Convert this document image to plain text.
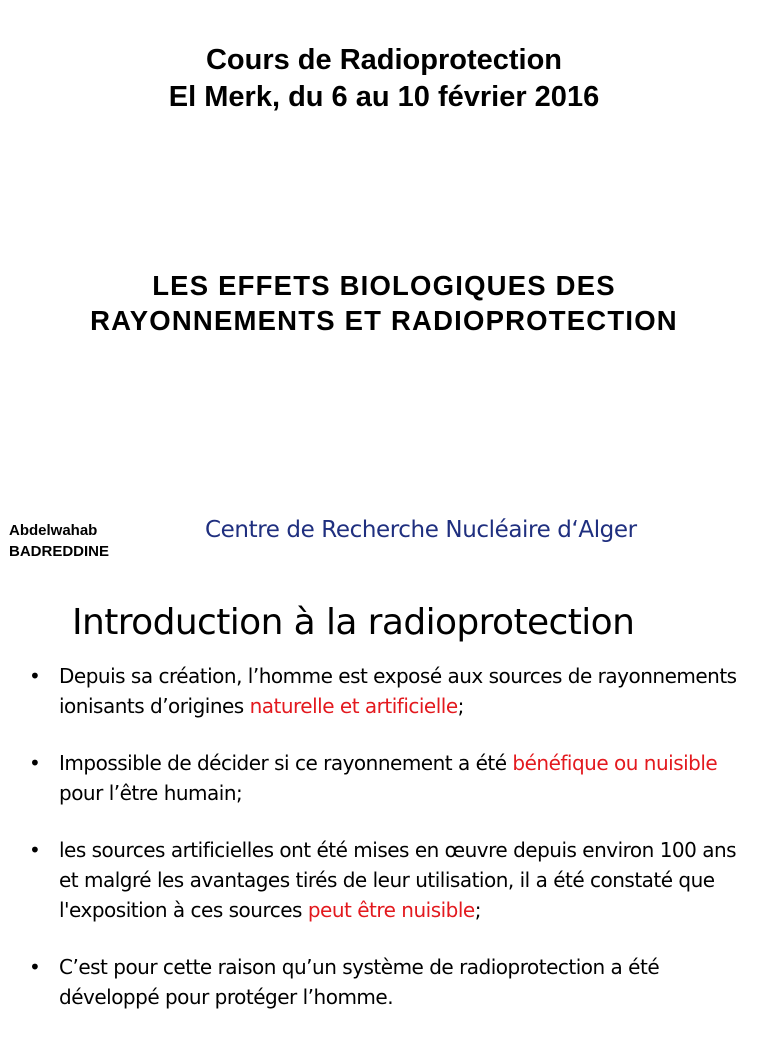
Cours de Radioprotection
El Merk, du 6 au 10 février 2016
LES EFFETS BIOLOGIQUES DES
RAYONNEMENTS ET RADIOPROTECTION
Abdelwahab
BADREDDINE
Centre de Recherche Nucléaire d‘Alger
Introduction à la radioprotection
• Depuis sa création, l’homme est exposé aux sources de rayonnements ionisants d’origines naturelle et artificielle;
• Impossible de décider si ce rayonnement a été bénéfique ou nuisible pour l’être humain;
• les sources artificielles ont été mises en œuvre depuis environ 100 ans et malgré les avantages tirés de leur utilisation, il a été constaté que l'exposition à ces sources peut être nuisible;
• C’est pour cette raison qu’un système de radioprotection a été développé pour protéger l’homme.
